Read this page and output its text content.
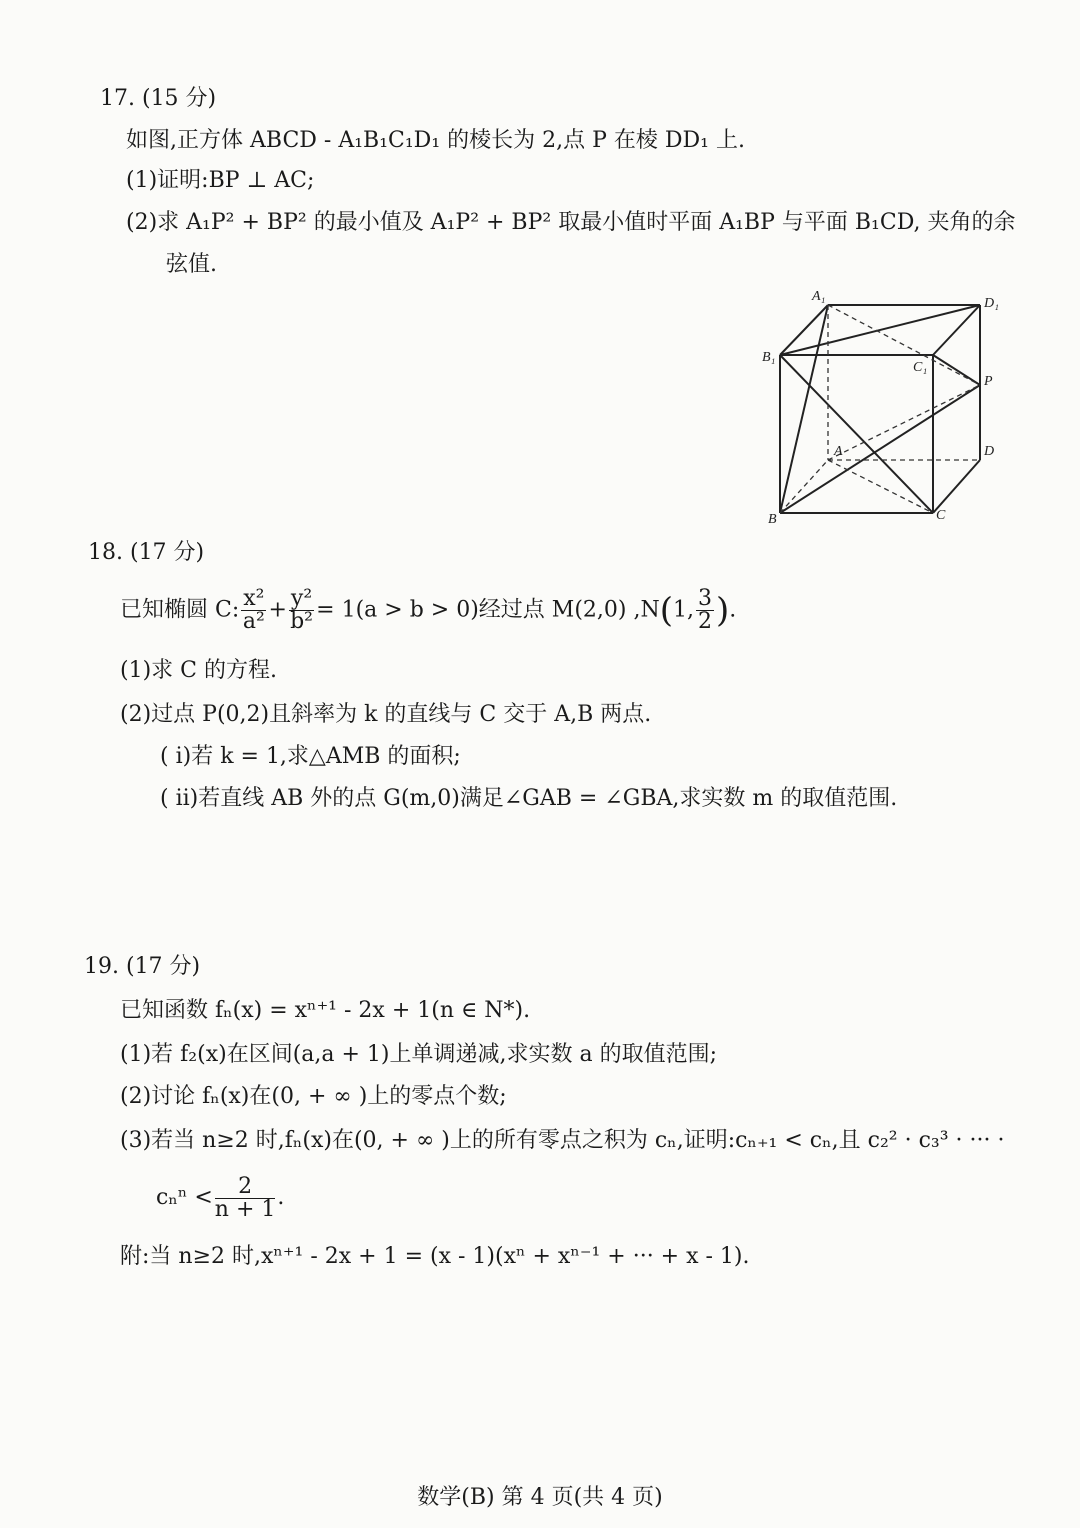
17. (15 分)
如图,正方体 ABCD - A₁B₁C₁D₁ 的棱长为 2,点 P 在棱 DD₁ 上.
(1)证明:BP ⊥ AC;
(2)求 A₁P² + BP² 的最小值及 A₁P² + BP² 取最小值时平面 A₁BP 与平面 B₁CD, 夹角的余
弦值.
A₁	D₁
B₁
C₁
P
A	D
B	C
18. (17 分)
已知椭圆 C: $\frac{\text{x²}}{\text{a²}} + \frac{\text{y²}}{\text{b²}} = 1(a > b > 0)$经过点 M(2,0) ,N(1, $\frac{3}{2}$ ).
(1)求 C 的方程.
(2)过点 P(0,2)且斜率为 k 的直线与 C 交于 A,B 两点.
( ⅰ)若 k = 1,求△AMB 的面积;
( ⅱ)若直线 AB 外的点 G(m,0)满足∠GAB = ∠GBA,求实数 m 的取值范围.
19. (17 分)
已知函数 fₙ(x) = xⁿ⁺¹ - 2x + 1(n ∈ N*).
(1)若 f₂(x)在区间(a,a + 1)上单调递减,求实数 a 的取值范围;
(2)讨论 fₙ(x)在(0, + ∞ )上的零点个数;
(3)若当 n≥2 时,fₙ(x)在(0, + ∞ )上的所有零点之积为 cₙ,证明:cₙ₊₁ < cₙ,且 c₂² · c₃³ · ··· ·
$c_n^n < \frac{2}{n + 1}$ .
附:当 n≥2 时,xⁿ⁺¹ - 2x + 1 = (x - 1)(xⁿ + xⁿ⁻¹ + ··· + x - 1).
数学(B) 第 4 页(共 4 页)
